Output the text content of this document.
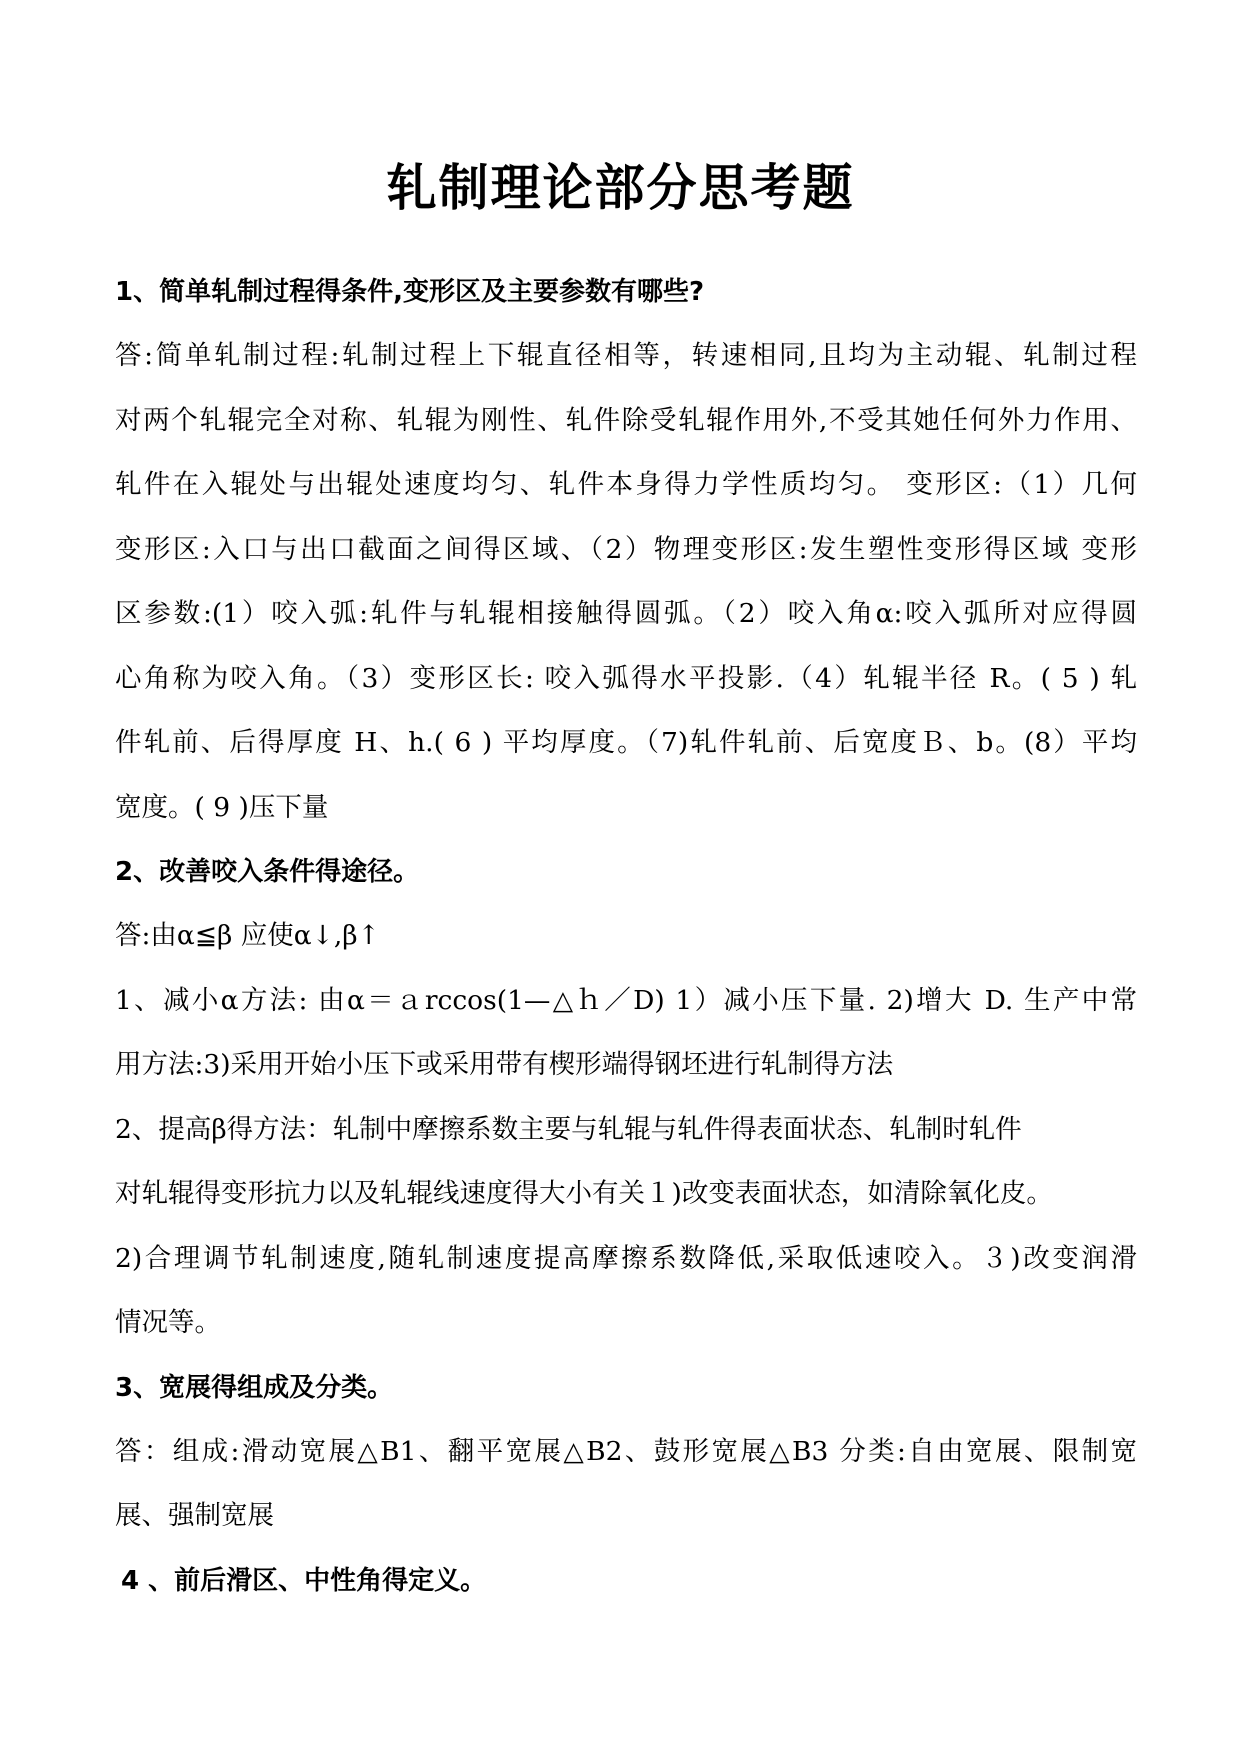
轧制理论部分思考题

1、简单轧制过程得条件,变形区及主要参数有哪些?

答:简单轧制过程:轧制过程上下辊直径相等，转速相同,且均为主动辊、轧制过程

对两个轧辊完全对称、轧辊为刚性、轧件除受轧辊作用外,不受其她任何外力作用、

轧件在入辊处与出辊处速度均匀、轧件本身得力学性质均匀。 变形区:（1）几何

变形区:入口与出口截面之间得区域、（2）物理变形区:发生塑性变形得区域 变形

区参数:(1）咬入弧:轧件与轧辊相接触得圆弧。（2）咬入角α:咬入弧所对应得圆

心角称为咬入角。（3）变形区长: 咬入弧得水平投影.（4）轧辊半径 R。( 5 ) 轧

件轧前、后得厚度 H、h.( 6 ) 平均厚度。（7)轧件轧前、后宽度Ｂ、b。(8）平均

宽度。( 9 )压下量

2、改善咬入条件得途径。

答:由α≦β 应使α↓,β↑

1、减小α方法: 由α＝ａrccos(1—△ｈ／D) 1）减小压下量. 2)增大 D. 生产中常

用方法:3)采用开始小压下或采用带有楔形端得钢坯进行轧制得方法

2、提高β得方法：轧制中摩擦系数主要与轧辊与轧件得表面状态、轧制时轧件

对轧辊得变形抗力以及轧辊线速度得大小有关１)改变表面状态，如清除氧化皮。

2)合理调节轧制速度,随轧制速度提高摩擦系数降低,采取低速咬入。３)改变润滑

情况等。

3、宽展得组成及分类。

答：组成:滑动宽展△B1、翻平宽展△B2、鼓形宽展△B3 分类:自由宽展、限制宽

展、强制宽展

4 、前后滑区、中性角得定义。
